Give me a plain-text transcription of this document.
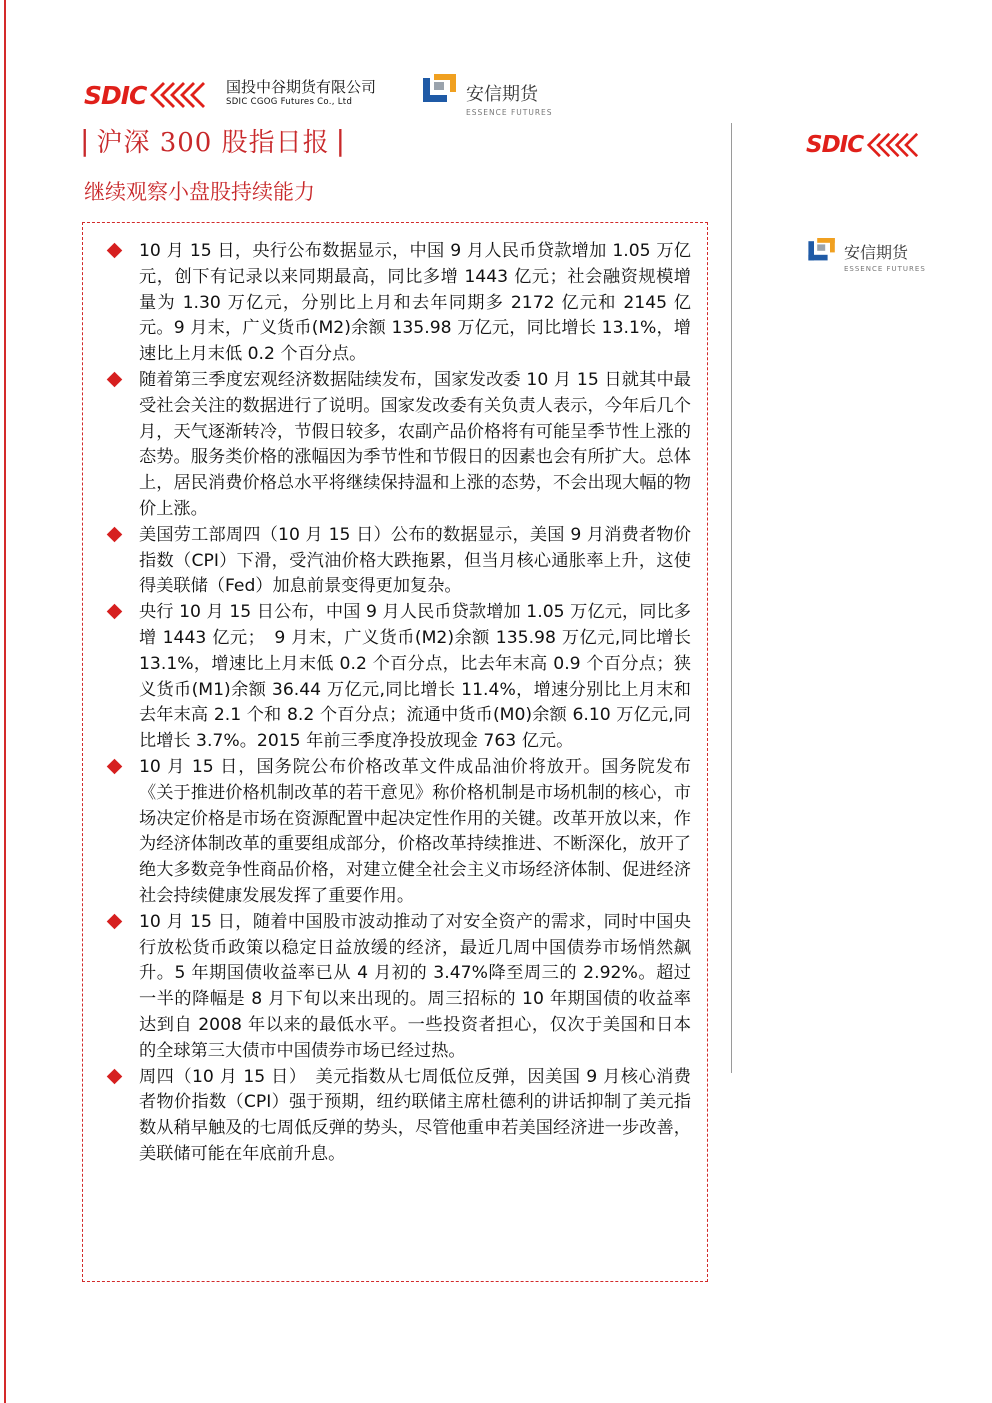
SDIC	国投中谷期货有限公司
SDIC CGOG Futures Co., Ltd	安信期货
ESSENCE FUTURES
SDIC
安信期货
ESSENCE FUTURES
| 沪深 300 股指日报 |
继续观察小盘股持续能力

10 月 15 日，央行公布数据显示，中国 9 月人民币贷款增加 1.05 万亿元，创下有记录以来同期最高，同比多增 1443 亿元；社会融资规模增量为 1.30 万亿元，分别比上月和去年同期多 2172 亿元和 2145 亿元。9 月末，广义货币(M2)余额 135.98 万亿元，同比增长 13.1%，增速比上月末低 0.2 个百分点。

随着第三季度宏观经济数据陆续发布，国家发改委 10 月 15 日就其中最受社会关注的数据进行了说明。国家发改委有关负责人表示，今年后几个月，天气逐渐转冷，节假日较多，农副产品价格将有可能呈季节性上涨的态势。服务类价格的涨幅因为季节性和节假日的因素也会有所扩大。总体上，居民消费价格总水平将继续保持温和上涨的态势，不会出现大幅的物价上涨。

美国劳工部周四（10 月 15 日）公布的数据显示，美国 9 月消费者物价指数（CPI）下滑，受汽油价格大跌拖累，但当月核心通胀率上升，这使得美联储（Fed）加息前景变得更加复杂。

央行 10 月 15 日公布，中国 9 月人民币贷款增加 1.05 万亿元，同比多增 1443 亿元；　9 月末，广义货币(M2)余额 135.98 万亿元,同比增长 13.1%，增速比上月末低 0.2 个百分点，比去年末高 0.9 个百分点；狭义货币(M1)余额 36.44 万亿元,同比增长 11.4%，增速分别比上月末和去年末高 2.1 个和 8.2 个百分点；流通中货币(M0)余额 6.10 万亿元,同比增长 3.7%。2015 年前三季度净投放现金 763 亿元。

10 月 15 日，国务院公布价格改革文件成品油价将放开。国务院发布《关于推进价格机制改革的若干意见》称价格机制是市场机制的核心，市场决定价格是市场在资源配置中起决定性作用的关键。改革开放以来，作为经济体制改革的重要组成部分，价格改革持续推进、不断深化，放开了绝大多数竞争性商品价格，对建立健全社会主义市场经济体制、促进经济社会持续健康发展发挥了重要作用。

10 月 15 日，随着中国股市波动推动了对安全资产的需求，同时中国央行放松货币政策以稳定日益放缓的经济，最近几周中国债券市场悄然飙升。5 年期国债收益率已从 4 月初的 3.47%降至周三的 2.92%。超过一半的降幅是 8 月下旬以来出现的。周三招标的 10 年期国债的收益率达到自 2008 年以来的最低水平。一些投资者担心，仅次于美国和日本的全球第三大债市中国债券市场已经过热。

周四（10 月 15 日）　美元指数从七周低位反弹，因美国 9 月核心消费者物价指数（CPI）强于预期，纽约联储主席杜德利的讲话抑制了美元指数从稍早触及的七周低反弹的势头，尽管他重申若美国经济进一步改善，美联储可能在年底前升息。
